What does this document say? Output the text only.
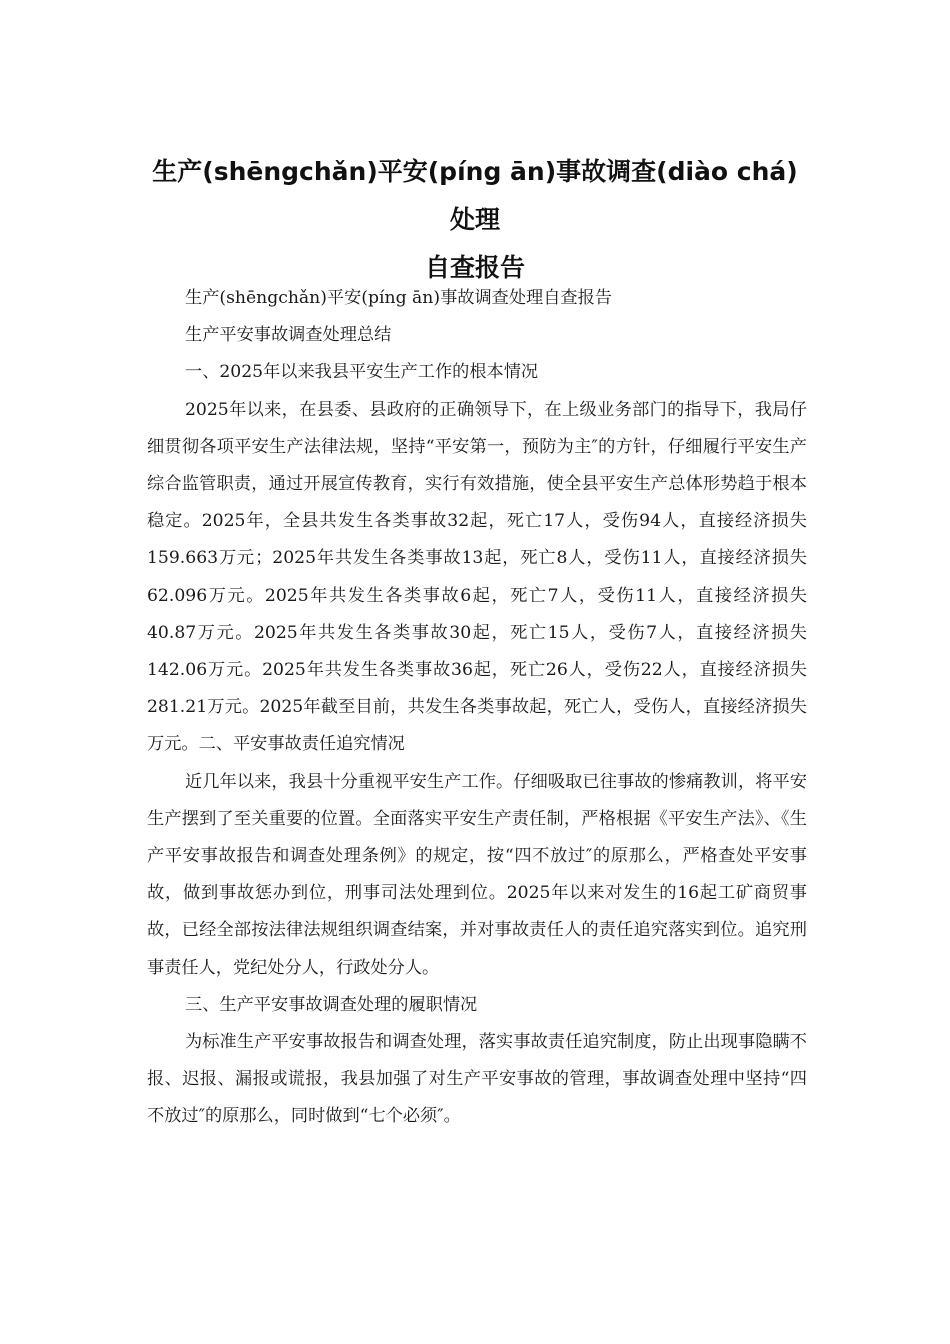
生产(shēngchǎn)平安(píng ān)事故调查(diào chá)处理
自查报告

生产(shēngchǎn)平安(píng ān)事故调查处理自查报告

生产平安事故调查处理总结

一、2025年以来我县平安生产工作的根本情况

2025年以来，在县委、县政府的正确领导下，在上级业务部门的指导下，我局仔细贯彻各项平安生产法律法规，坚持“平安第一，预防为主″的方针，仔细履行平安生产综合监管职责，通过开展宣传教育，实行有效措施，使全县平安生产总体形势趋于根本稳定。2025年，全县共发生各类事故32起，死亡17人，受伤94人，直接经济损失159.663万元；2025年共发生各类事故13起，死亡8人，受伤11人，直接经济损失62.096万元。2025年共发生各类事故6起，死亡7人，受伤11人，直接经济损失40.87万元。2025年共发生各类事故30起，死亡15人，受伤7人，直接经济损失142.06万元。2025年共发生各类事故36起，死亡26人，受伤22人，直接经济损失281.21万元。2025年截至目前，共发生各类事故起，死亡人，受伤人，直接经济损失万元。二、平安事故责任追究情况

近几年以来，我县十分重视平安生产工作。仔细吸取已往事故的惨痛教训，将平安生产摆到了至关重要的位置。全面落实平安生产责任制，严格根据《平安生产法》、《生产平安事故报告和调查处理条例》的规定，按“四不放过″的原那么，严格查处平安事故，做到事故惩办到位，刑事司法处理到位。2025年以来对发生的16起工矿商贸事故，已经全部按法律法规组织调查结案，并对事故责任人的责任追究落实到位。追究刑事责任人，党纪处分人，行政处分人。

三、生产平安事故调查处理的履职情况

为标准生产平安事故报告和调查处理，落实事故责任追究制度，防止出现事隐瞒不报、迟报、漏报或谎报，我县加强了对生产平安事故的管理，事故调查处理中坚持“四不放过″的原那么，同时做到“七个必须″。
